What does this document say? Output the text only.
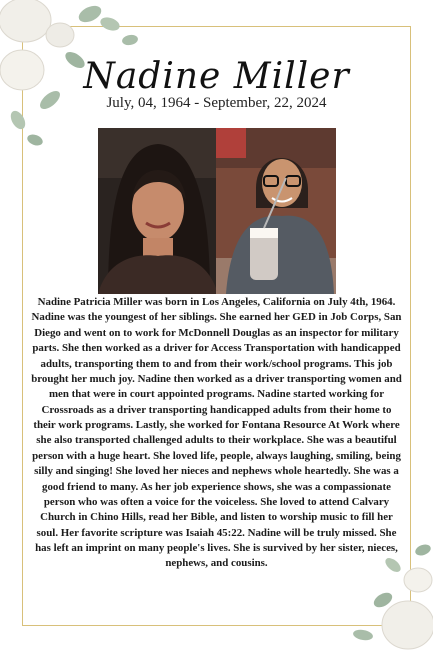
Nadine Miller
July, 04, 1964 - September, 22, 2024
Nadine Patricia Miller was born in Los Angeles, California on July 4th, 1964. Nadine was the youngest of her siblings. She earned her GED in Job Corps, San Diego and went on to work for McDonnell Douglas as an inspector for military parts. She then worked as a driver for Access Transportation with handicapped adults, transporting them to and from their work/school programs. This job brought her much joy. Nadine then worked as a driver transporting women and men that were in court appointed programs. Nadine started working for Crossroads as a driver transporting handicapped adults from their home to their work programs. Lastly, she worked for Fontana Resource At Work where she also transported challenged adults to their workplace. She was a beautiful person with a huge heart. She loved life, people, always laughing, smiling, being silly and singing! She loved her nieces and nephews whole heartedly. She was a good friend to many. As her job experience shows, she was a compassionate person who was often a voice for the voiceless. She loved to attend Calvary Church in Chino Hills, read her Bible, and listen to worship music to fill her soul. Her favorite scripture was Isaiah 45:22. Nadine will be truly missed. She has left an imprint on many people's lives. She is survived by her sister, nieces, nephews, and cousins.
